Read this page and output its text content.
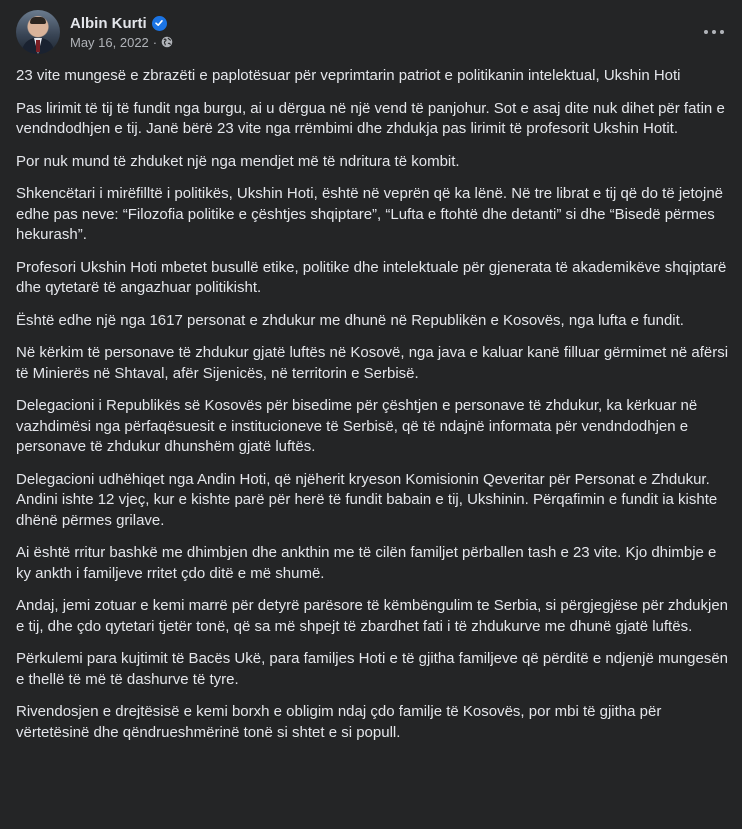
Albin Kurti
May 16, 2022 ·

23 vite mungesë e zbrazëti e paplotësuar për veprimtarin patriot e politikanin intelektual, Ukshin Hoti

Pas lirimit të tij të fundit nga burgu, ai u dërgua në një vend të panjohur. Sot e asaj dite nuk dihet për fatin e vendndodhjen e tij. Janë bërë 23 vite nga rrëmbimi dhe zhdukja pas lirimit të profesorit Ukshin Hotit.

Por nuk mund të zhduket një nga mendjet më të ndritura të kombit.

Shkencëtari i mirëfilltë i politikës, Ukshin Hoti, është në veprën që ka lënë. Në tre librat e tij që do të jetojnë edhe pas neve: “Filozofia politike e çështjes shqiptare”, “Lufta e ftohtë dhe detanti” si dhe “Bisedë përmes hekurash”.

Profesori Ukshin Hoti mbetet busullë etike, politike dhe intelektuale për gjenerata të akademikëve shqiptarë dhe qytetarë të angazhuar politikisht.

Është edhe një nga 1617 personat e zhdukur me dhunë në Republikën e Kosovës, nga lufta e fundit.

Në kërkim të personave të zhdukur gjatë luftës në Kosovë, nga java e kaluar kanë filluar gërmimet në afërsi të Minierës në Shtaval, afër Sijenicës, në territorin e Serbisë.

Delegacioni i Republikës së Kosovës për bisedime për çështjen e personave të zhdukur, ka kërkuar në vazhdimësi nga përfaqësuesit e institucioneve të Serbisë, që të ndajnë informata për vendndodhjen e personave të zhdukur dhunshëm gjatë luftës.

Delegacioni udhëhiqet nga Andin Hoti, që njëherit kryeson Komisionin Qeveritar për Personat e Zhdukur. Andini ishte 12 vjeç, kur e kishte parë për herë të fundit babain e tij, Ukshinin. Përqafimin e fundit ia kishte dhënë përmes grilave.

Ai është rritur bashkë me dhimbjen dhe ankthin me të cilën familjet përballen tash e 23 vite. Kjo dhimbje e ky ankth i familjeve rritet çdo ditë e më shumë.

Andaj, jemi zotuar e kemi marrë për detyrë parësore të këmbëngulim te Serbia, si përgjegjëse për zhdukjen e tij, dhe çdo qytetari tjetër tonë, që sa më shpejt të zbardhet fati i të zhdukurve me dhunë gjatë luftës.

Përkulemi para kujtimit të Bacës Ukë, para familjes Hoti e të gjitha familjeve që përditë e ndjenjë mungesën e thellë të më të dashurve të tyre.

Rivendosjen e drejtësisë e kemi borxh e obligim ndaj çdo familje të Kosovës, por mbi të gjitha për vërtetësinë dhe qëndrueshmërinë tonë si shtet e si popull.
